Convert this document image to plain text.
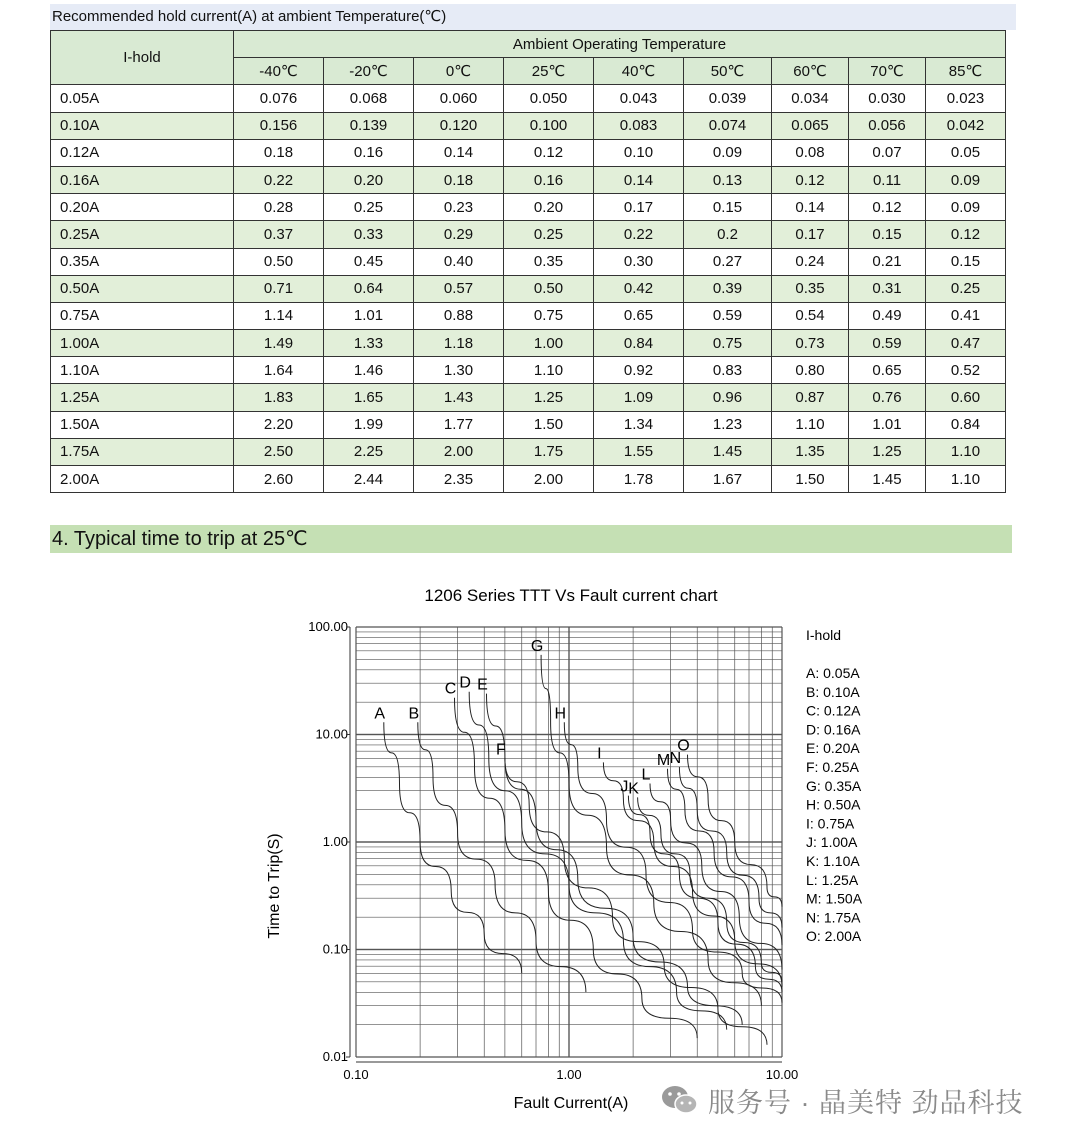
Recommended hold current(A) at ambient Temperature(℃)
I-hold	Ambient Operating Temperature								
	-40℃	-20℃	0℃	25℃	40℃	50℃	60℃	70℃	85℃
0.05A	0.076	0.068	0.060	0.050	0.043	0.039	0.034	0.030	0.023
0.10A	0.156	0.139	0.120	0.100	0.083	0.074	0.065	0.056	0.042
0.12A	0.18	0.16	0.14	0.12	0.10	0.09	0.08	0.07	0.05
0.16A	0.22	0.20	0.18	0.16	0.14	0.13	0.12	0.11	0.09
0.20A	0.28	0.25	0.23	0.20	0.17	0.15	0.14	0.12	0.09
0.25A	0.37	0.33	0.29	0.25	0.22	0.2	0.17	0.15	0.12
0.35A	0.50	0.45	0.40	0.35	0.30	0.27	0.24	0.21	0.15
0.50A	0.71	0.64	0.57	0.50	0.42	0.39	0.35	0.31	0.25
0.75A	1.14	1.01	0.88	0.75	0.65	0.59	0.54	0.49	0.41
1.00A	1.49	1.33	1.18	1.00	0.84	0.75	0.73	0.59	0.47
1.10A	1.64	1.46	1.30	1.10	0.92	0.83	0.80	0.65	0.52
1.25A	1.83	1.65	1.43	1.25	1.09	0.96	0.87	0.76	0.60
1.50A	2.20	1.99	1.77	1.50	1.34	1.23	1.10	1.01	0.84
1.75A	2.50	2.25	2.00	1.75	1.55	1.45	1.35	1.25	1.10
2.00A	2.60	2.44	2.35	2.00	1.78	1.67	1.50	1.45	1.10
4. Typical time to trip at 25℃
1206 Series TTT Vs Fault current chart
100.00
10.00
1.00
0.10
0.01
0.10	1.00	10.00
Fault Current(A)
Time to Trip(S)
A B
C D E
F
G
H
I
J K
L
M N
O
I-hold
A: 0.05A
B: 0.10A
C: 0.12A
D: 0.16A
E: 0.20A
F: 0.25A
G: 0.35A
H: 0.50A
I: 0.75A
J: 1.00A
K: 1.10A
L: 1.25A
M: 1.50A
N: 1.75A
O: 2.00A
服务号 · 晶美特 劲品科技
